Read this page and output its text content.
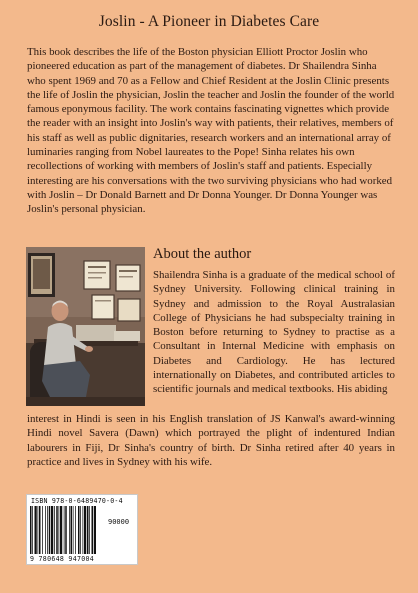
Joslin - A Pioneer in Diabetes Care
This book describes the life of the Boston physician Elliott Proctor Joslin who pioneered education as part of the management of diabetes. Dr Shailendra Sinha who spent 1969 and 70 as a Fellow and Chief Resident at the Joslin Clinic presents the life of Joslin the physician, Joslin the teacher and Joslin the founder of the world famous eponymous facility. The work contains fascinating vignettes which provide the reader with an insight into Joslin's way with patients, their relatives, members of his staff as well as public dignitaries, research workers and an international array of luminaries ranging from Nobel laureates to the Pope! Sinha relates his own recollections of working with members of Joslin's staff and patients. Especially interesting are his conversations with the two surviving physicians who had worked with Joslin – Dr Donald Barnett and Dr Donna Younger. Dr Donna Younger was Joslin's personal physician.
About the author
Shailendra Sinha is a graduate of the medical school of Sydney University. Following clinical training in Sydney and admission to the Royal Australasian College of Physicians he had subspecialty training in Boston before returning to Sydney to practise as a Consultant in Internal Medicine with emphasis on Diabetes and Cardiology. He has lectured internationally on Diabetes, and contributed articles to scientific journals and medical textbooks. His abiding
interest in Hindi is seen in his English translation of JS Kanwal's award-winning Hindi novel Savera (Dawn) which portrayed the plight of indentured Indian labourers in Fiji, Dr Sinha's country of birth. Dr Sinha retired after 40 years in practice and lives in Sydney with his wife.
ISBN 978-0-6489470-0-4
90000
9 780648 947004
